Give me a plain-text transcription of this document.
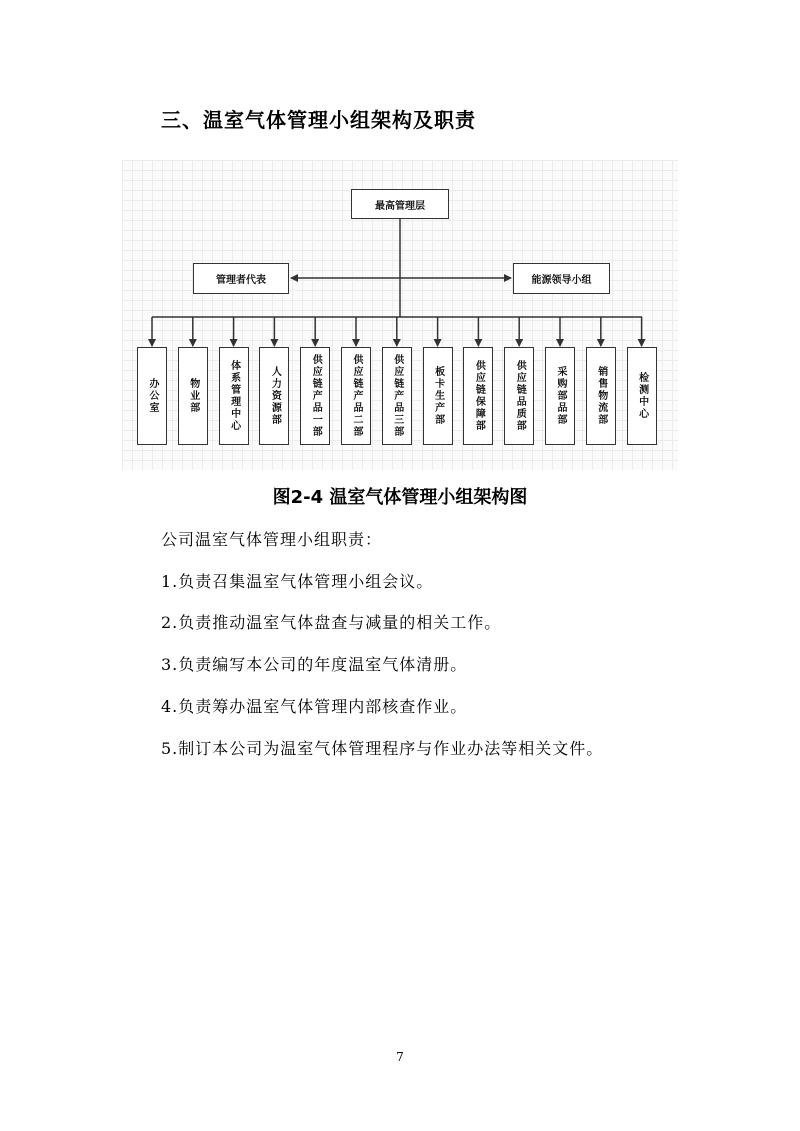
三、温室气体管理小组架构及职责
最高管理层
管理者代表	能源领导小组
办公室	物业部	体系管理中心	人力资源部	供应链产品一部	供应链产品二部	供应链产品三部	板卡生产部	供应链保障部	供应链品质部	采购部品部	销售物流部	检测中心

图2-4 温室气体管理小组架构图

公司温室气体管理小组职责：

1.负责召集温室气体管理小组会议。

2.负责推动温室气体盘查与减量的相关工作。

3.负责编写本公司的年度温室气体清册。

4.负责筹办温室气体管理内部核查作业。

5.制订本公司为温室气体管理程序与作业办法等相关文件。

7
